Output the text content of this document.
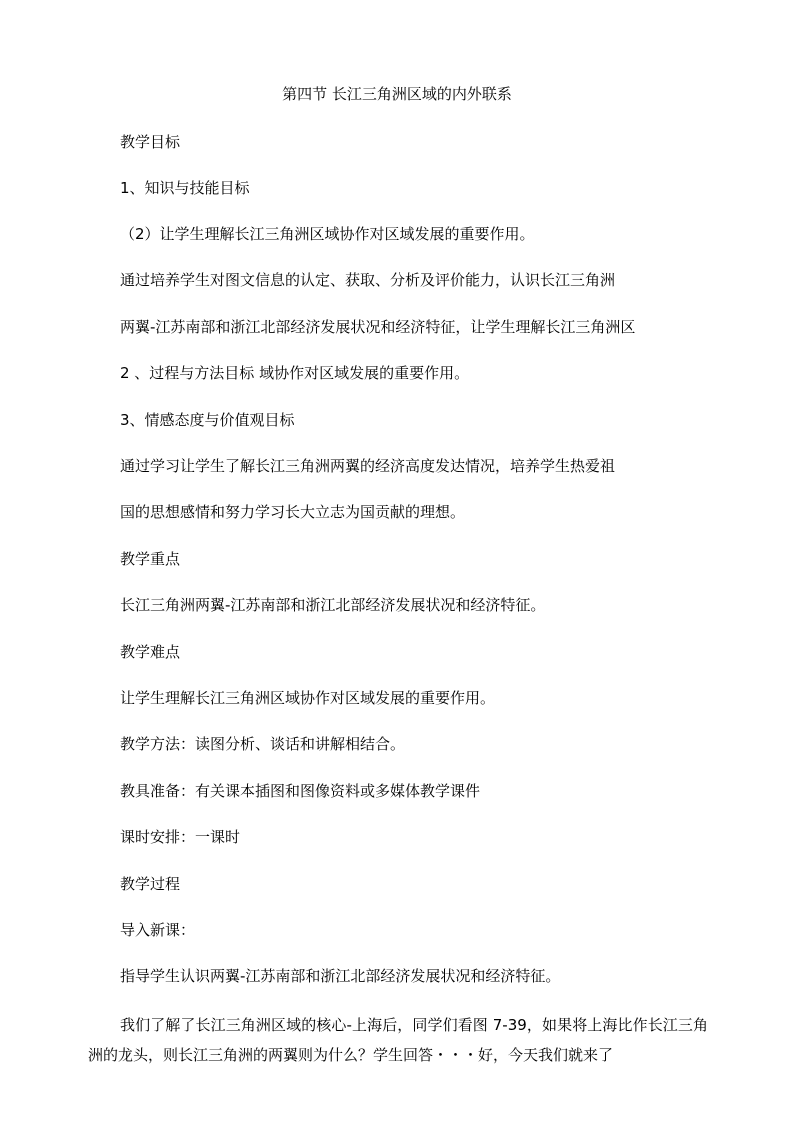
第四节 长江三角洲区域的内外联系
教学目标
1、知识与技能目标
（2）让学生理解长江三角洲区域协作对区域发展的重要作用。
通过培养学生对图文信息的认定、获取、分析及评价能力，认识长江三角洲
两翼-江苏南部和浙江北部经济发展状况和经济特征，让学生理解长江三角洲区
2 、过程与方法目标 域协作对区域发展的重要作用。
3、情感态度与价值观目标
通过学习让学生了解长江三角洲两翼的经济高度发达情况，培养学生热爱祖
国的思想感情和努力学习长大立志为国贡献的理想。
教学重点
长江三角洲两翼-江苏南部和浙江北部经济发展状况和经济特征。
教学难点
让学生理解长江三角洲区域协作对区域发展的重要作用。
教学方法：读图分析、谈话和讲解相结合。
教具准备：有关课本插图和图像资料或多媒体教学课件
课时安排：一课时
教学过程
导入新课：
指导学生认识两翼-江苏南部和浙江北部经济发展状况和经济特征。
我们了解了长江三角洲区域的核心-上海后，同学们看图 7-39，如果将上海比作长江三角洲的龙头，则长江三角洲的两翼则为什么？学生回答・・・好，今天我们就来了
